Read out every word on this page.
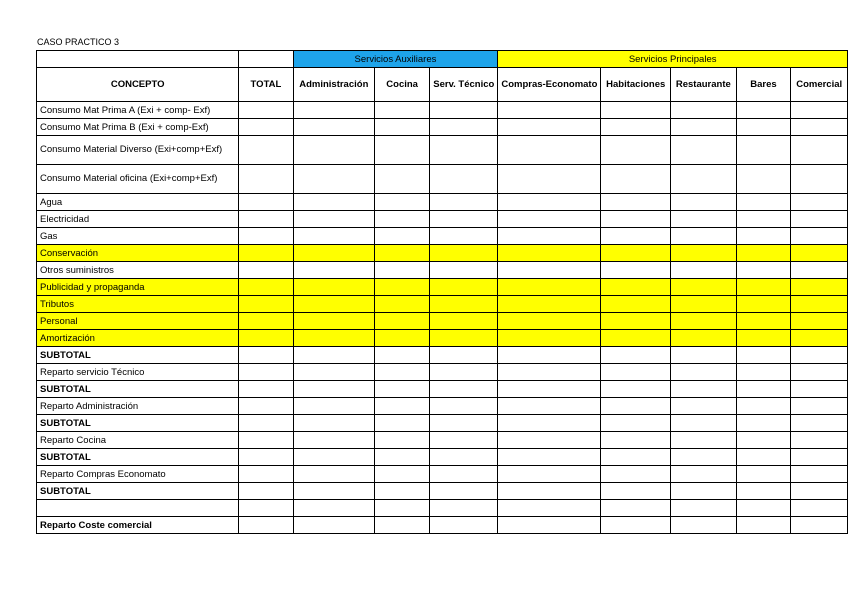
CASO PRACTICO 3
		Servicios Auxiliares			Servicios Principales				
CONCEPTO	TOTAL	Administración	Cocina	Serv. Técnico	Compras-Economato	Habitaciones	Restaurante	Bares	Comercial
Consumo Mat Prima A (Exi + comp- Exf)									
Consumo Mat Prima B (Exi + comp-Exf)									
Consumo Material Diverso (Exi+comp+Exf)									
Consumo Material oficina (Exi+comp+Exf)									
Agua									
Electricidad									
Gas									
Conservación									
Otros suministros									
Publicidad y propaganda									
Tributos									
Personal									
Amortización									
SUBTOTAL									
Reparto servicio Técnico									
SUBTOTAL									
Reparto Administración									
SUBTOTAL									
Reparto Cocina									
SUBTOTAL									
Reparto Compras Economato									
SUBTOTAL									

Reparto Coste comercial									
